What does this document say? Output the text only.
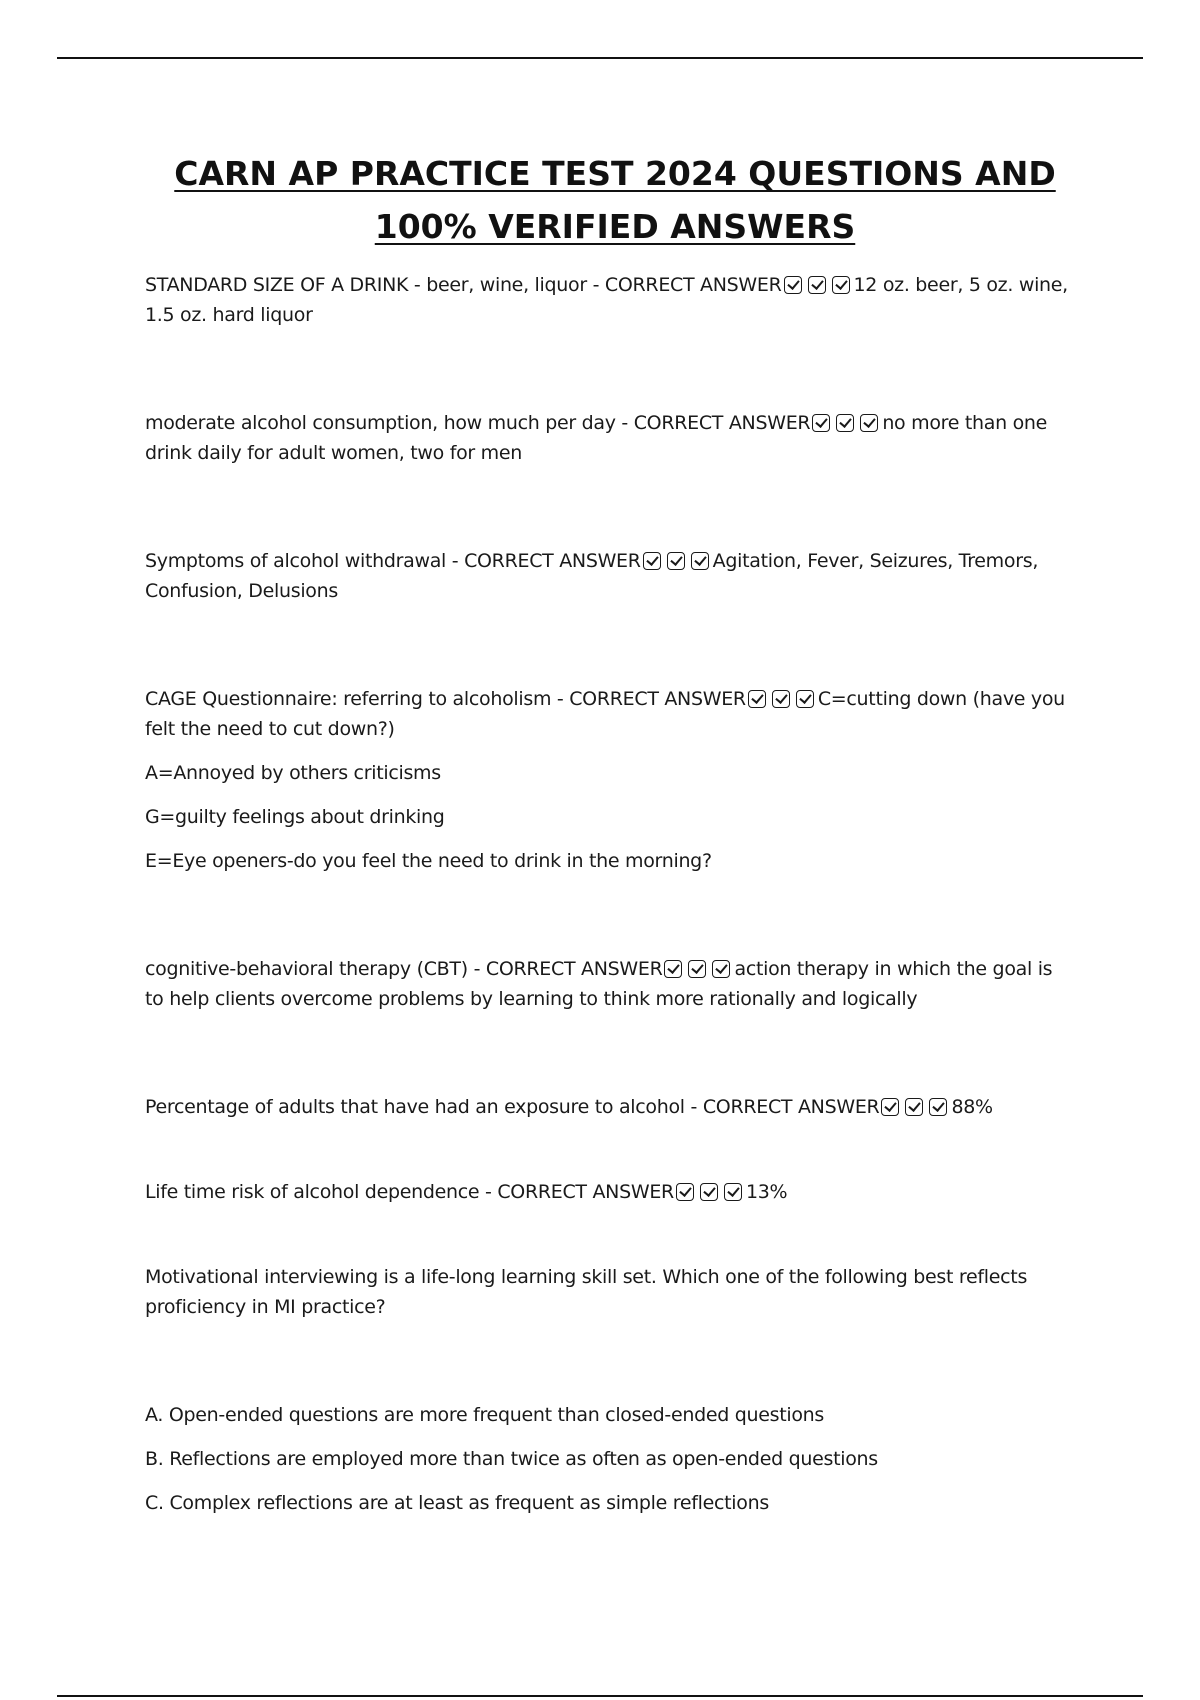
CARN AP PRACTICE TEST 2024 QUESTIONS AND 100% VERIFIED ANSWERS

STANDARD SIZE OF A DRINK - beer, wine, liquor - CORRECT ANSWER	12 oz. beer, 5 oz. wine, 1.5 oz. hard liquor

moderate alcohol consumption, how much per day - CORRECT ANSWER	no more than one drink daily for adult women, two for men

Symptoms of alcohol withdrawal - CORRECT ANSWER	Agitation, Fever, Seizures, Tremors, Confusion, Delusions

CAGE Questionnaire: referring to alcoholism - CORRECT ANSWER	C=cutting down (have you felt the need to cut down?)

A=Annoyed by others criticisms

G=guilty feelings about drinking

E=Eye openers-do you feel the need to drink in the morning?

cognitive-behavioral therapy (CBT) - CORRECT ANSWER	action therapy in which the goal is to help clients overcome problems by learning to think more rationally and logically

Percentage of adults that have had an exposure to alcohol - CORRECT ANSWER	88%

Life time risk of alcohol dependence - CORRECT ANSWER	13%

Motivational interviewing is a life-long learning skill set. Which one of the following best reflects proficiency in MI practice?

A. Open-ended questions are more frequent than closed-ended questions

B. Reflections are employed more than twice as often as open-ended questions

C. Complex reflections are at least as frequent as simple reflections
